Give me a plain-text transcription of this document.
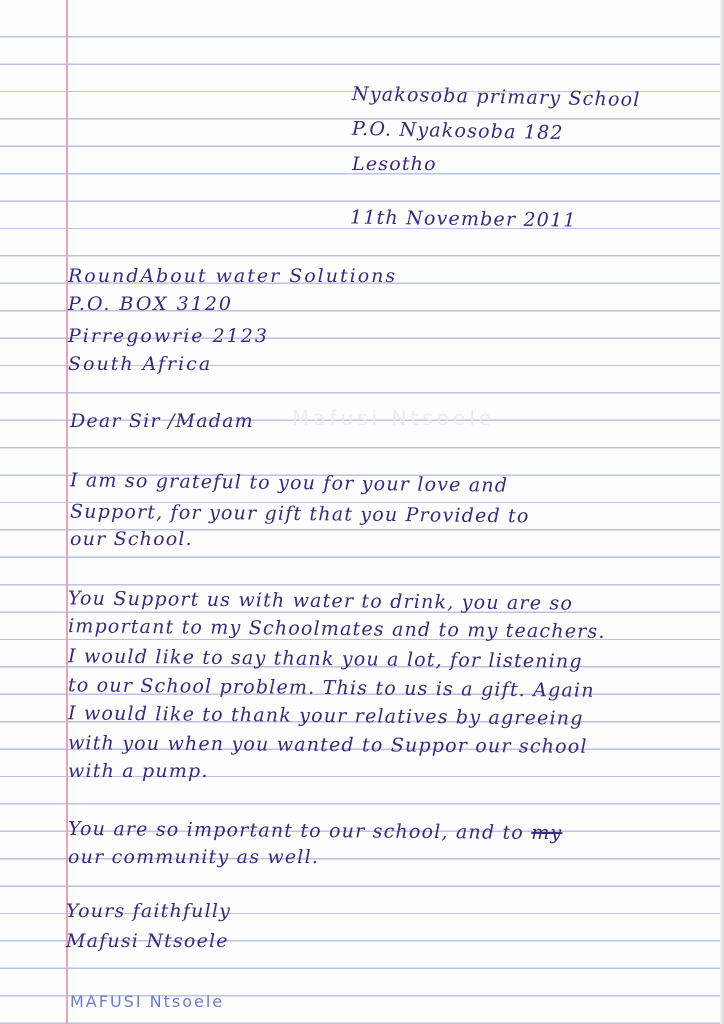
Nyakosoba primary School
P.O. Nyakosoba 182
Lesotho
11th November 2011
RoundAbout water Solutions
P.O. BOX 3120
Pirregowrie 2123
South Africa
Dear Sir /Madam Mafusi Ntsoele
I am so grateful to you for your love and
Support, for your gift that you Provided to
our School.
You Support us with water to drink, you are so
important to my Schoolmates and to my teachers.
I would like to say thank you a lot, for listening
to our School problem. This to us is a gift. Again
I would like to thank your relatives by agreeing
with you when you wanted to Suppor our school
with a pump.
You are so important to our school, and to my
our community as well.
Yours faithfully
Mafusi Ntsoele
MAFUSI Ntsoele
